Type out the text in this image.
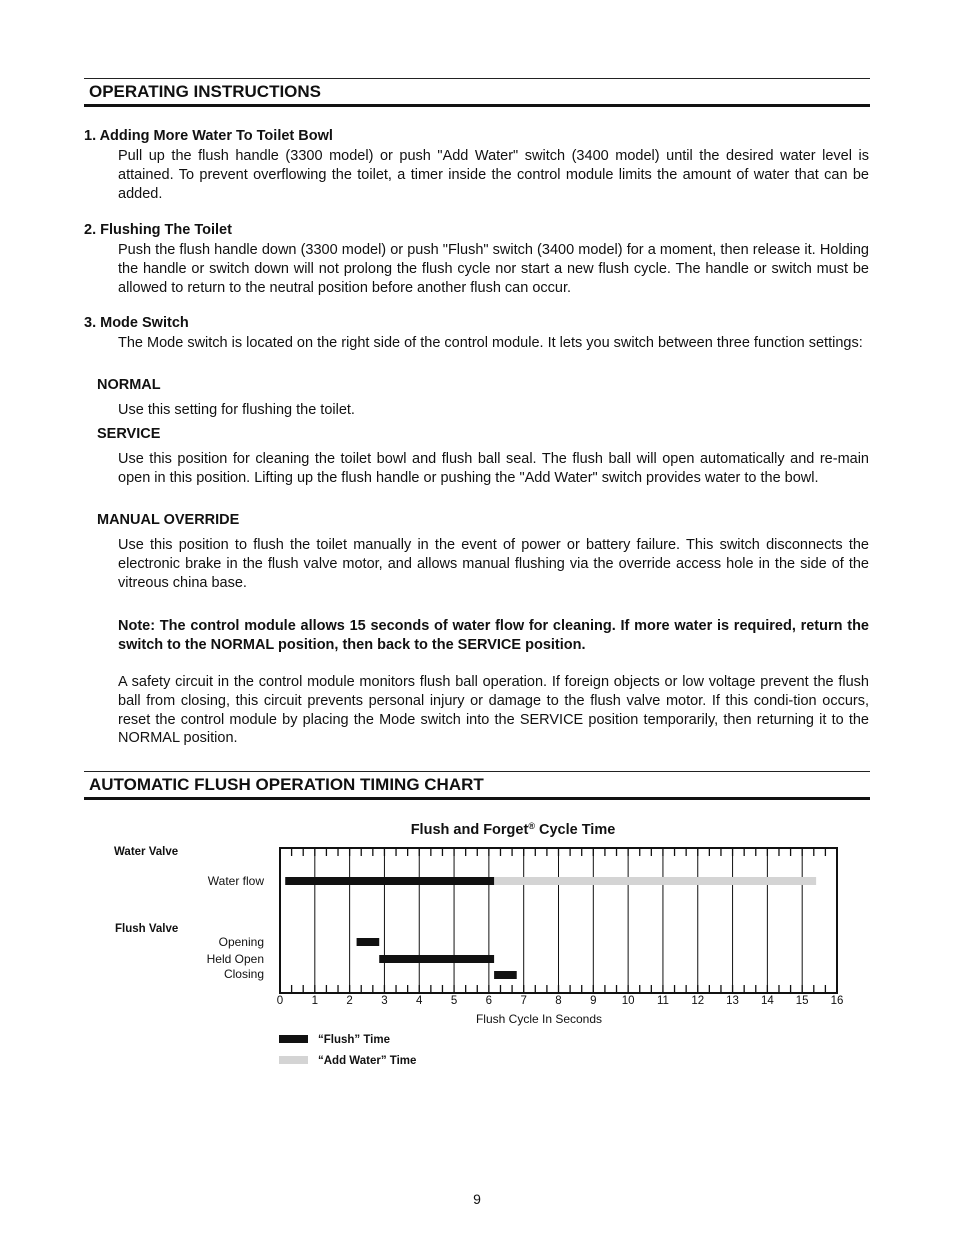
OPERATING INSTRUCTIONS
1. Adding More Water To Toilet Bowl
Pull up the flush handle (3300 model) or push "Add Water" switch (3400 model) until the desired water level is attained. To prevent overflowing the toilet, a timer inside the control module limits the amount of water that can be added.
2. Flushing The Toilet
Push the flush handle down (3300 model) or push "Flush" switch (3400 model) for a moment, then release it. Holding the handle or switch down will not prolong the flush cycle nor start a new flush cycle. The handle or switch must be allowed to return to the neutral position before another flush can occur.
3. Mode Switch
The Mode switch is located on the right side of the control module. It lets you switch between three function settings:
NORMAL
Use this setting for flushing the toilet.
SERVICE
Use this position for cleaning the toilet bowl and flush ball seal. The flush ball will open automatically and re-main open in this position. Lifting up the flush handle or pushing the "Add Water" switch provides water to the bowl.
MANUAL OVERRIDE
Use this position to flush the toilet manually in the event of power or battery failure. This switch disconnects the electronic brake in the flush valve motor, and allows manual flushing via the override access hole in the side of the vitreous china base.
Note: The control module allows 15 seconds of water flow for cleaning. If more water is required, return the switch to the NORMAL position, then back to the SERVICE position.
A safety circuit in the control module monitors flush ball operation. If foreign objects or low voltage prevent the flush ball from closing, this circuit prevents personal injury or damage to the flush valve motor. If this condi-tion occurs, reset the control module by placing the Mode switch into the SERVICE position temporarily, then returning it to the NORMAL position.
AUTOMATIC FLUSH OPERATION TIMING CHART
Flush and Forget® Cycle Time
Water Valve
Flush Valve
Water flow
Opening
Held Open
Closing
0 1 2 3 4 5 6 7 8 9 10 11 12 13 14 15 16
Flush Cycle In Seconds
“Flush” Time
“Add Water” Time
9
